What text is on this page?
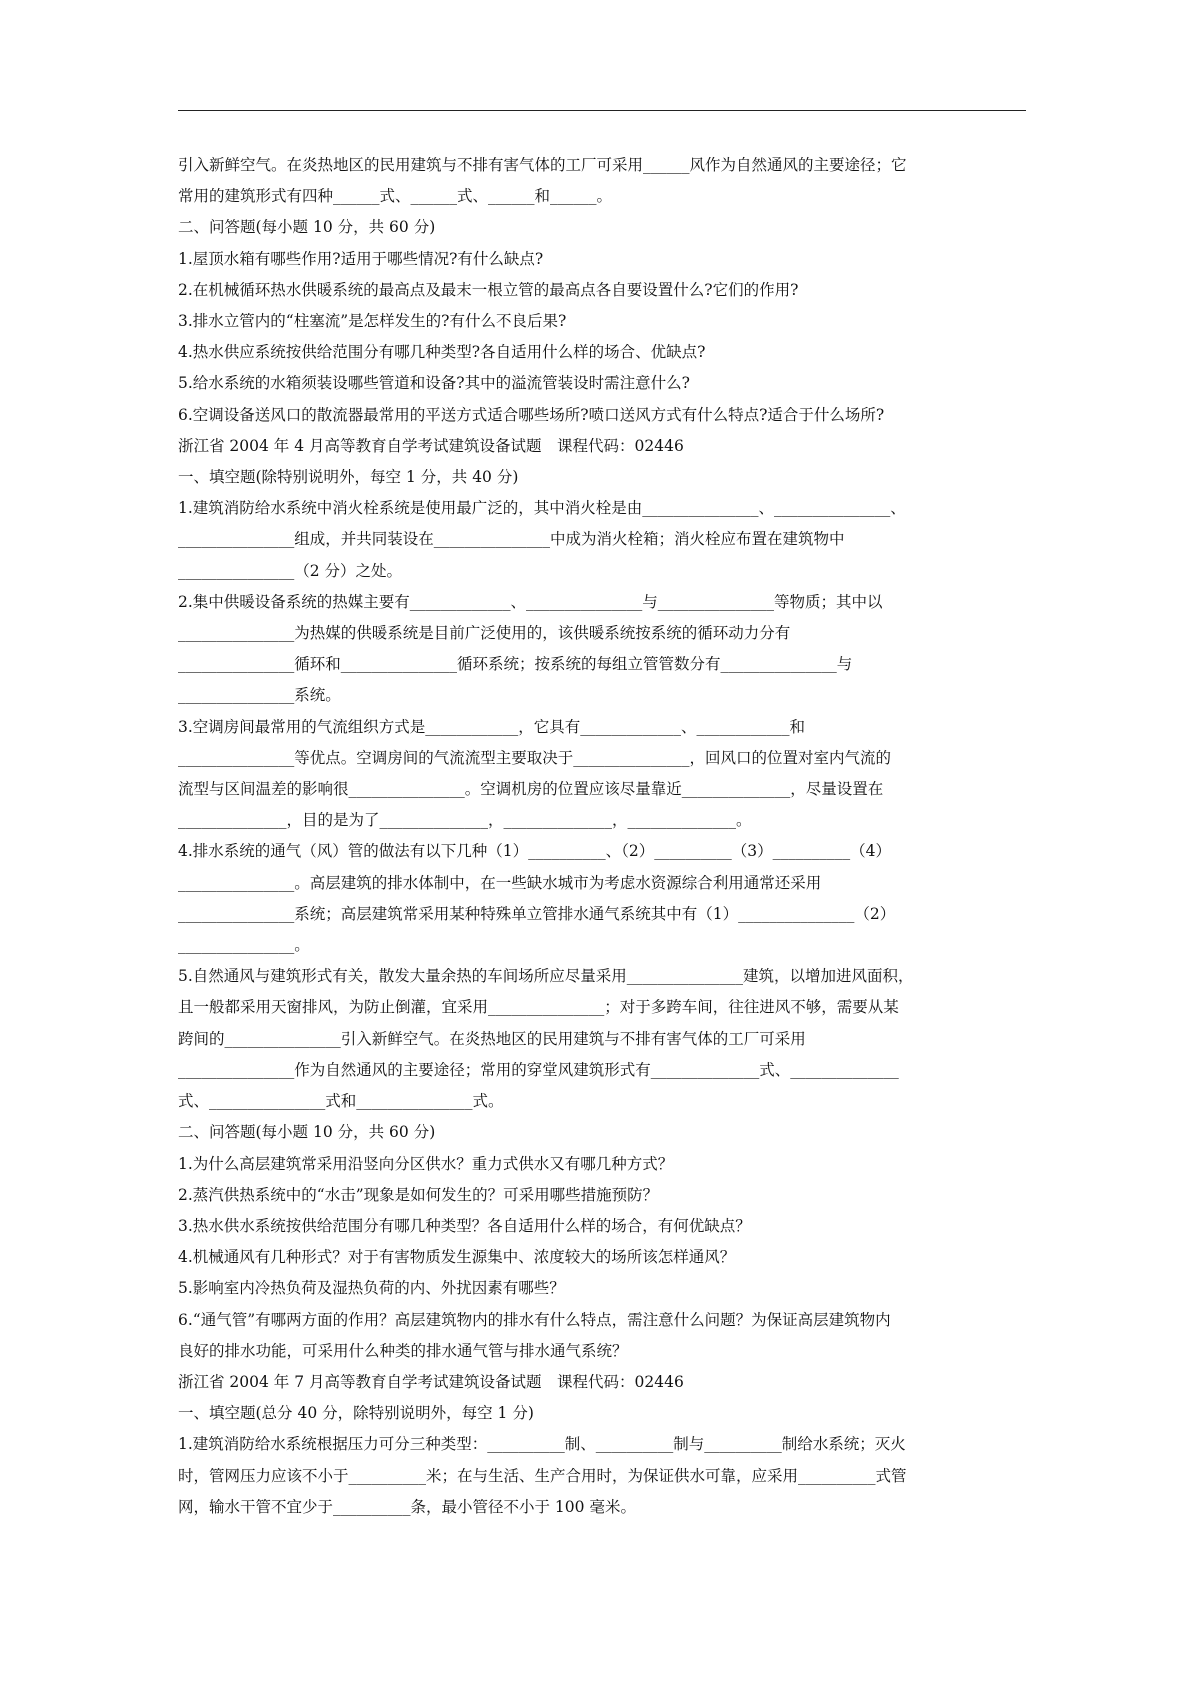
引入新鲜空气。在炎热地区的民用建筑与不排有害气体的工厂可采用______风作为自然通风的主要途径；它
常用的建筑形式有四种______式、______式、______和______。
二、问答题(每小题 10 分，共 60 分)
1.屋顶水箱有哪些作用?适用于哪些情况?有什么缺点?
2.在机械循环热水供暖系统的最高点及最末一根立管的最高点各自要设置什么?它们的作用?
3.排水立管内的“柱塞流”是怎样发生的?有什么不良后果?
4.热水供应系统按供给范围分有哪几种类型?各自适用什么样的场合、优缺点?
5.给水系统的水箱须装设哪些管道和设备?其中的溢流管装设时需注意什么?
6.空调设备送风口的散流器最常用的平送方式适合哪些场所?喷口送风方式有什么特点?适合于什么场所?
浙江省 2004 年 4 月高等教育自学考试建筑设备试题　课程代码：02446
一、填空题(除特别说明外，每空 1 分，共 40 分)
1.建筑消防给水系统中消火栓系统是使用最广泛的，其中消火栓是由_______________、_______________、
_______________组成，并共同装设在_______________中成为消火栓箱；消火栓应布置在建筑物中
_______________（2 分）之处。
2.集中供暖设备系统的热媒主要有_____________、_______________与_______________等物质；其中以
_______________为热媒的供暖系统是目前广泛使用的，该供暖系统按系统的循环动力分有
_______________循环和_______________循环系统；按系统的每组立管管数分有_______________与
_______________系统。
3.空调房间最常用的气流组织方式是____________，它具有_____________、____________和
_______________等优点。空调房间的气流流型主要取决于_______________，回风口的位置对室内气流的
流型与区间温差的影响很_______________。空调机房的位置应该尽量靠近______________，尽量设置在
______________，目的是为了______________，______________，______________。
4.排水系统的通气（风）管的做法有以下几种（1）__________、（2）__________（3）__________（4）
_______________。高层建筑的排水体制中，在一些缺水城市为考虑水资源综合利用通常还采用
_______________系统；高层建筑常采用某种特殊单立管排水通气系统其中有（1）_______________（2）
_______________。
5.自然通风与建筑形式有关，散发大量余热的车间场所应尽量采用_______________建筑，以增加进风面积，
且一般都采用天窗排风，为防止倒灌，宜采用_______________；对于多跨车间，往往进风不够，需要从某
跨间的_______________引入新鲜空气。在炎热地区的民用建筑与不排有害气体的工厂可采用
_______________作为自然通风的主要途径；常用的穿堂风建筑形式有______________式、______________
式、_______________式和_______________式。
二、问答题(每小题 10 分，共 60 分)
1.为什么高层建筑常采用沿竖向分区供水？重力式供水又有哪几种方式？
2.蒸汽供热系统中的“水击”现象是如何发生的？可采用哪些措施预防？
3.热水供水系统按供给范围分有哪几种类型？各自适用什么样的场合，有何优缺点？
4.机械通风有几种形式？对于有害物质发生源集中、浓度较大的场所该怎样通风？
5.影响室内冷热负荷及湿热负荷的内、外扰因素有哪些？
6.“通气管”有哪两方面的作用？高层建筑物内的排水有什么特点，需注意什么问题？为保证高层建筑物内
良好的排水功能，可采用什么种类的排水通气管与排水通气系统？
浙江省 2004 年 7 月高等教育自学考试建筑设备试题　课程代码：02446
一、填空题(总分 40 分，除特别说明外，每空 1 分)
1.建筑消防给水系统根据压力可分三种类型：__________制、__________制与__________制给水系统；灭火
时，管网压力应该不小于__________米；在与生活、生产合用时，为保证供水可靠，应采用__________式管
网，输水干管不宜少于__________条，最小管径不小于 100 毫米。
